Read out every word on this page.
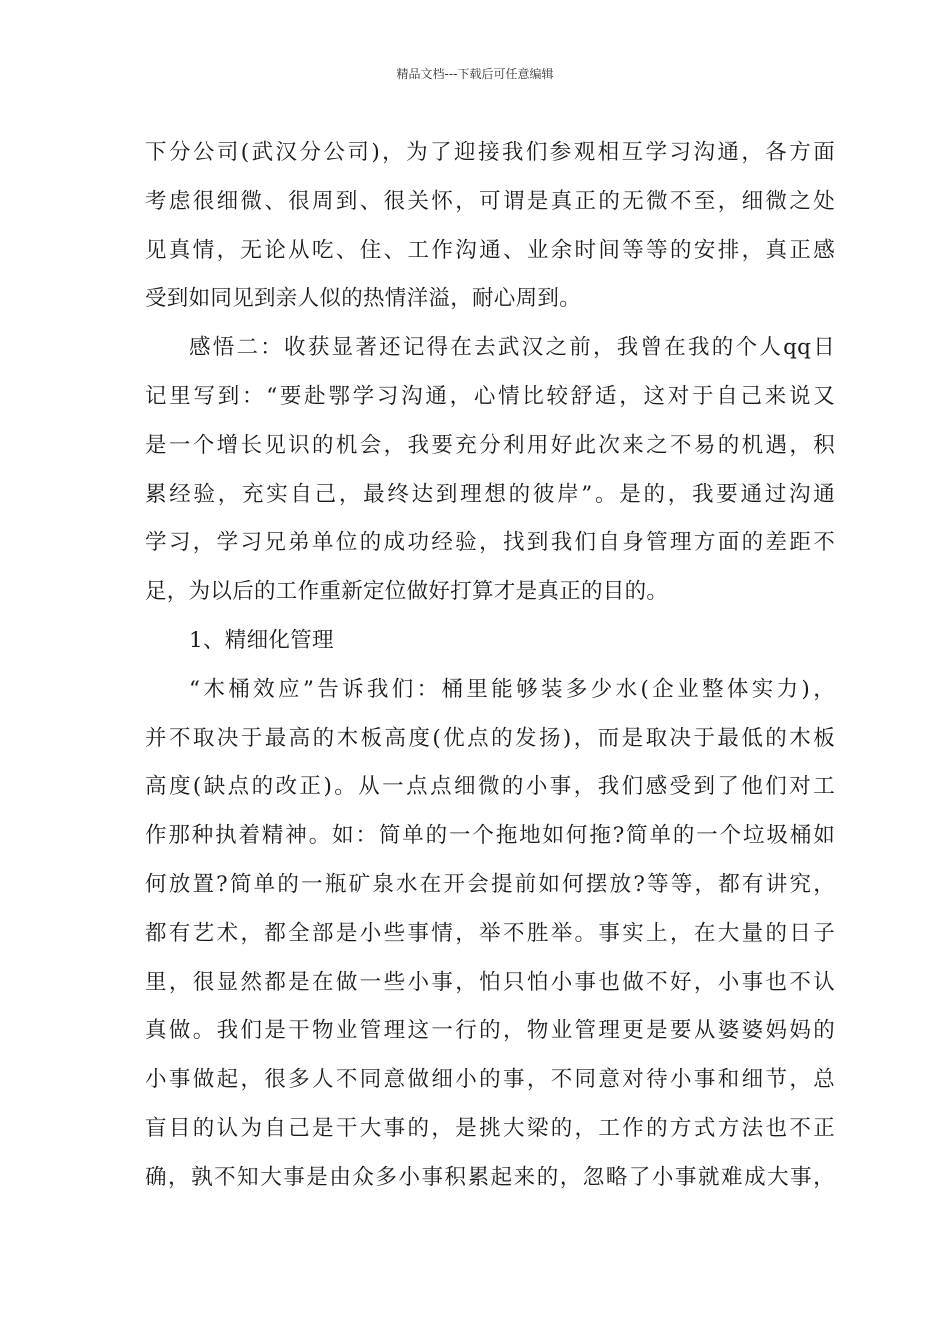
精品文档---下载后可任意编辑
下分公司(武汉分公司)，为了迎接我们参观相互学习沟通，各方面
考虑很细微、很周到、很关怀，可谓是真正的无微不至，细微之处
见真情，无论从吃、住、工作沟通、业余时间等等的安排，真正感
受到如同见到亲人似的热情洋溢，耐心周到。
感悟二：收获显著还记得在去武汉之前，我曾在我的个人qq日
记里写到：“要赴鄂学习沟通，心情比较舒适，这对于自己来说又
是一个增长见识的机会，我要充分利用好此次来之不易的机遇，积
累经验，充实自己，最终达到理想的彼岸”。是的，我要通过沟通
学习，学习兄弟单位的成功经验，找到我们自身管理方面的差距不
足，为以后的工作重新定位做好打算才是真正的目的。
1、精细化管理
“木桶效应”告诉我们：桶里能够装多少水(企业整体实力)，
并不取决于最高的木板高度(优点的发扬)，而是取决于最低的木板
高度(缺点的改正)。从一点点细微的小事，我们感受到了他们对工
作那种执着精神。如：简单的一个拖地如何拖?简单的一个垃圾桶如
何放置?简单的一瓶矿泉水在开会提前如何摆放?等等，都有讲究，
都有艺术，都全部是小些事情，举不胜举。事实上，在大量的日子
里，很显然都是在做一些小事，怕只怕小事也做不好，小事也不认
真做。我们是干物业管理这一行的，物业管理更是要从婆婆妈妈的
小事做起，很多人不同意做细小的事，不同意对待小事和细节，总
盲目的认为自己是干大事的，是挑大梁的，工作的方式方法也不正
确，孰不知大事是由众多小事积累起来的，忽略了小事就难成大事，
